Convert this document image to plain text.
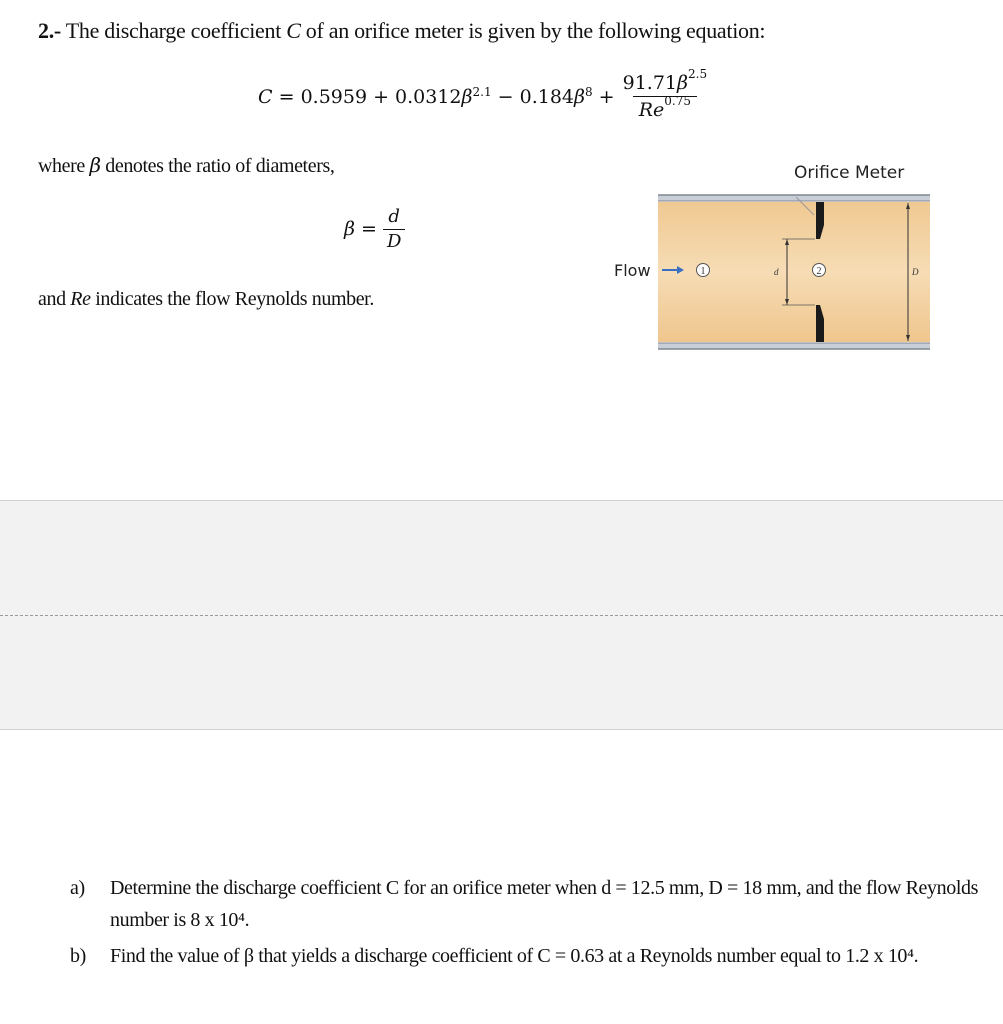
2.- The discharge coefficient C of an orifice meter is given by the following equation:
C
=
0.5959 + 0.0312 $\beta^{2.1} - 0.184$ $\beta^8 + \frac{91.71\beta^{2.5}}{Re^{0.75}}$
where β denotes the ratio of diameters,
β
= $\frac{d}{D}$
and Re indicates the flow Reynolds number.
Orifice Meter
d	D
Flow	1	2
a)	Determine the discharge coefficient C for an orifice meter when d = 12.5 mm, D = 18 mm, and the flow Reynolds number is 8 x 10⁴.
b)	Find the value of β that yields a discharge coefficient of C = 0.63 at a Reynolds number equal to 1.2 x 10⁴.
